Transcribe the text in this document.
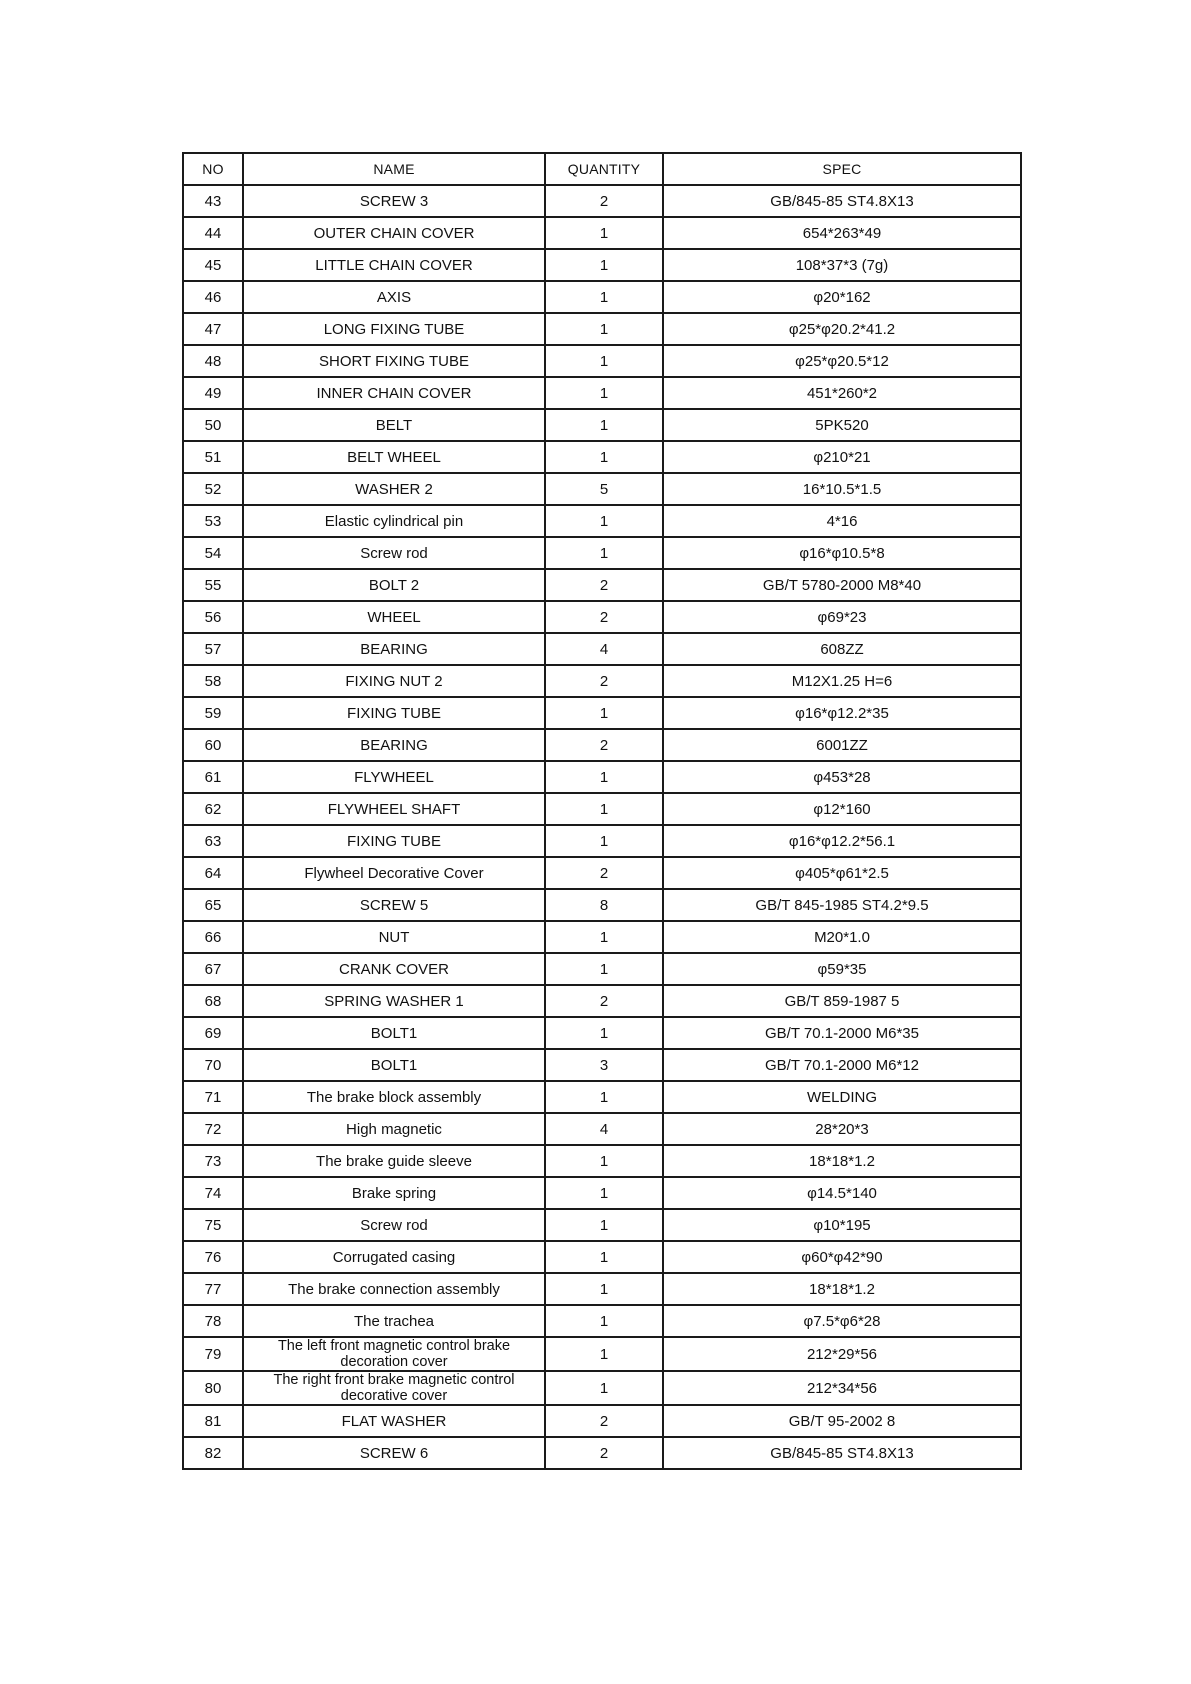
NO	NAME	QUANTITY	SPEC
43	SCREW 3	2	GB/845-85 ST4.8X13
44	OUTER CHAIN COVER	1	654*263*49
45	LITTLE CHAIN COVER	1	108*37*3 (7g)
46	AXIS	1	φ20*162
47	LONG FIXING TUBE	1	φ25*φ20.2*41.2
48	SHORT FIXING TUBE	1	φ25*φ20.5*12
49	INNER CHAIN COVER	1	451*260*2
50	BELT	1	5PK520
51	BELT WHEEL	1	φ210*21
52	WASHER 2	5	16*10.5*1.5
53	Elastic cylindrical pin	1	4*16
54	Screw rod	1	φ16*φ10.5*8
55	BOLT 2	2	GB/T 5780-2000 M8*40
56	WHEEL	2	φ69*23
57	BEARING	4	608ZZ
58	FIXING NUT 2	2	M12X1.25 H=6
59	FIXING TUBE	1	φ16*φ12.2*35
60	BEARING	2	6001ZZ
61	FLYWHEEL	1	φ453*28
62	FLYWHEEL SHAFT	1	φ12*160
63	FIXING TUBE	1	φ16*φ12.2*56.1
64	Flywheel Decorative Cover	2	φ405*φ61*2.5
65	SCREW 5	8	GB/T 845-1985 ST4.2*9.5
66	NUT	1	M20*1.0
67	CRANK COVER	1	φ59*35
68	SPRING WASHER 1	2	GB/T 859-1987 5
69	BOLT1	1	GB/T 70.1-2000 M6*35
70	BOLT1	3	GB/T 70.1-2000 M6*12
71	The brake block assembly	1	WELDING
72	High magnetic	4	28*20*3
73	The brake guide sleeve	1	18*18*1.2
74	Brake spring	1	φ14.5*140
75	Screw rod	1	φ10*195
76	Corrugated casing	1	φ60*φ42*90
77	The brake connection assembly	1	18*18*1.2
78	The trachea	1	φ7.5*φ6*28
79	The left front magnetic control brake decoration cover	1	212*29*56
80	The right front brake magnetic control decorative cover	1	212*34*56
81	FLAT WASHER	2	GB/T 95-2002 8
82	SCREW 6	2	GB/845-85 ST4.8X13
